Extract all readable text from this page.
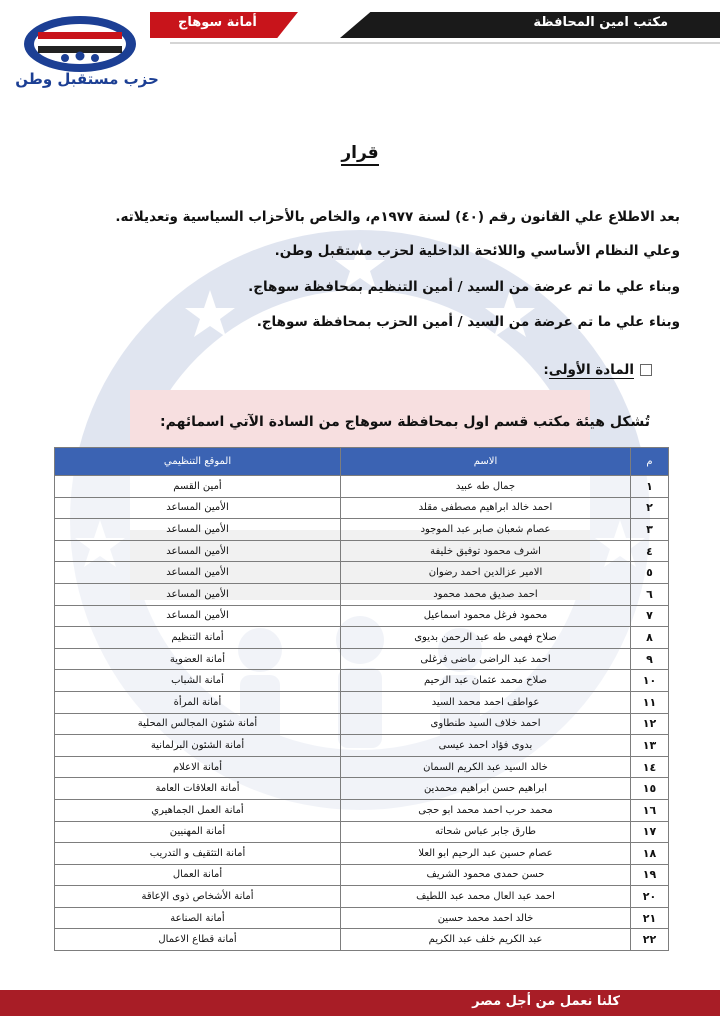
مكتب امين المحافظة
أمانة سوهاج
حزب مستقبل وطن
قرار
بعد الاطلاع علي القانون رقم (٤٠) لسنة ١٩٧٧م، والخاص بالأحزاب السياسية وتعديلاته.
وعلي النظام الأساسي واللائحة الداخلية لحزب مستقبل وطن.
وبناء علي ما تم عرضة من السيد / أمين التنظيم بمحافظة سوهاج.
وبناء علي ما تم عرضة من السيد / أمين الحزب بمحافظة سوهاج.
المادة الأولى:
تُشكل هيئة مكتب قسم اول بمحافظة سوهاج من السادة الآتي اسمائهم:
م	الاسم	الموقع التنظيمي
١	جمال طه عبيد	أمين القسم
٢	احمد خالد ابراهيم مصطفى مقلد	الأمين المساعد
٣	عصام شعبان صابر عبد الموجود	الأمين المساعد
٤	اشرف محمود توفيق خليفة	الأمين المساعد
٥	الامير عزالدين احمد رضوان	الأمين المساعد
٦	احمد صديق محمد محمود	الأمين المساعد
٧	محمود فرغل محمود اسماعيل	الأمين المساعد
٨	صلاح فهمى طه عبد الرحمن بديوى	أمانة التنظيم
٩	احمد عبد الراضى ماضى فرغلى	أمانة العضوية
١٠	صلاح محمد عثمان عبد الرحيم	أمانة الشباب
١١	عواطف احمد محمد السيد	أمانة المرأة
١٢	احمد خلاف السيد طنطاوى	أمانة شئون المجالس المحلية
١٣	بدوى فؤاد احمد عيسى	أمانة الشئون البرلمانية
١٤	خالد السيد عبد الكريم السمان	أمانة الاعلام
١٥	ابراهيم حسن ابراهيم محمدين	أمانة العلاقات العامة
١٦	محمد حرب احمد محمد ابو حجى	أمانة العمل الجماهيري
١٧	طارق جابر عباس شحاته	أمانة المهنيين
١٨	عصام حسين عبد الرحيم ابو العلا	أمانة التثقيف و التدريب
١٩	حسن حمدى محمود الشريف	أمانة العمال
٢٠	احمد عبد العال محمد عبد اللطيف	أمانة الأشخاص ذوى الإعاقة
٢١	خالد احمد محمد حسين	أمانة الصناعة
٢٢	عبد الكريم خلف عبد الكريم	أمانة قطاع الاعمال
كلنا نعمل من أجل مصر
